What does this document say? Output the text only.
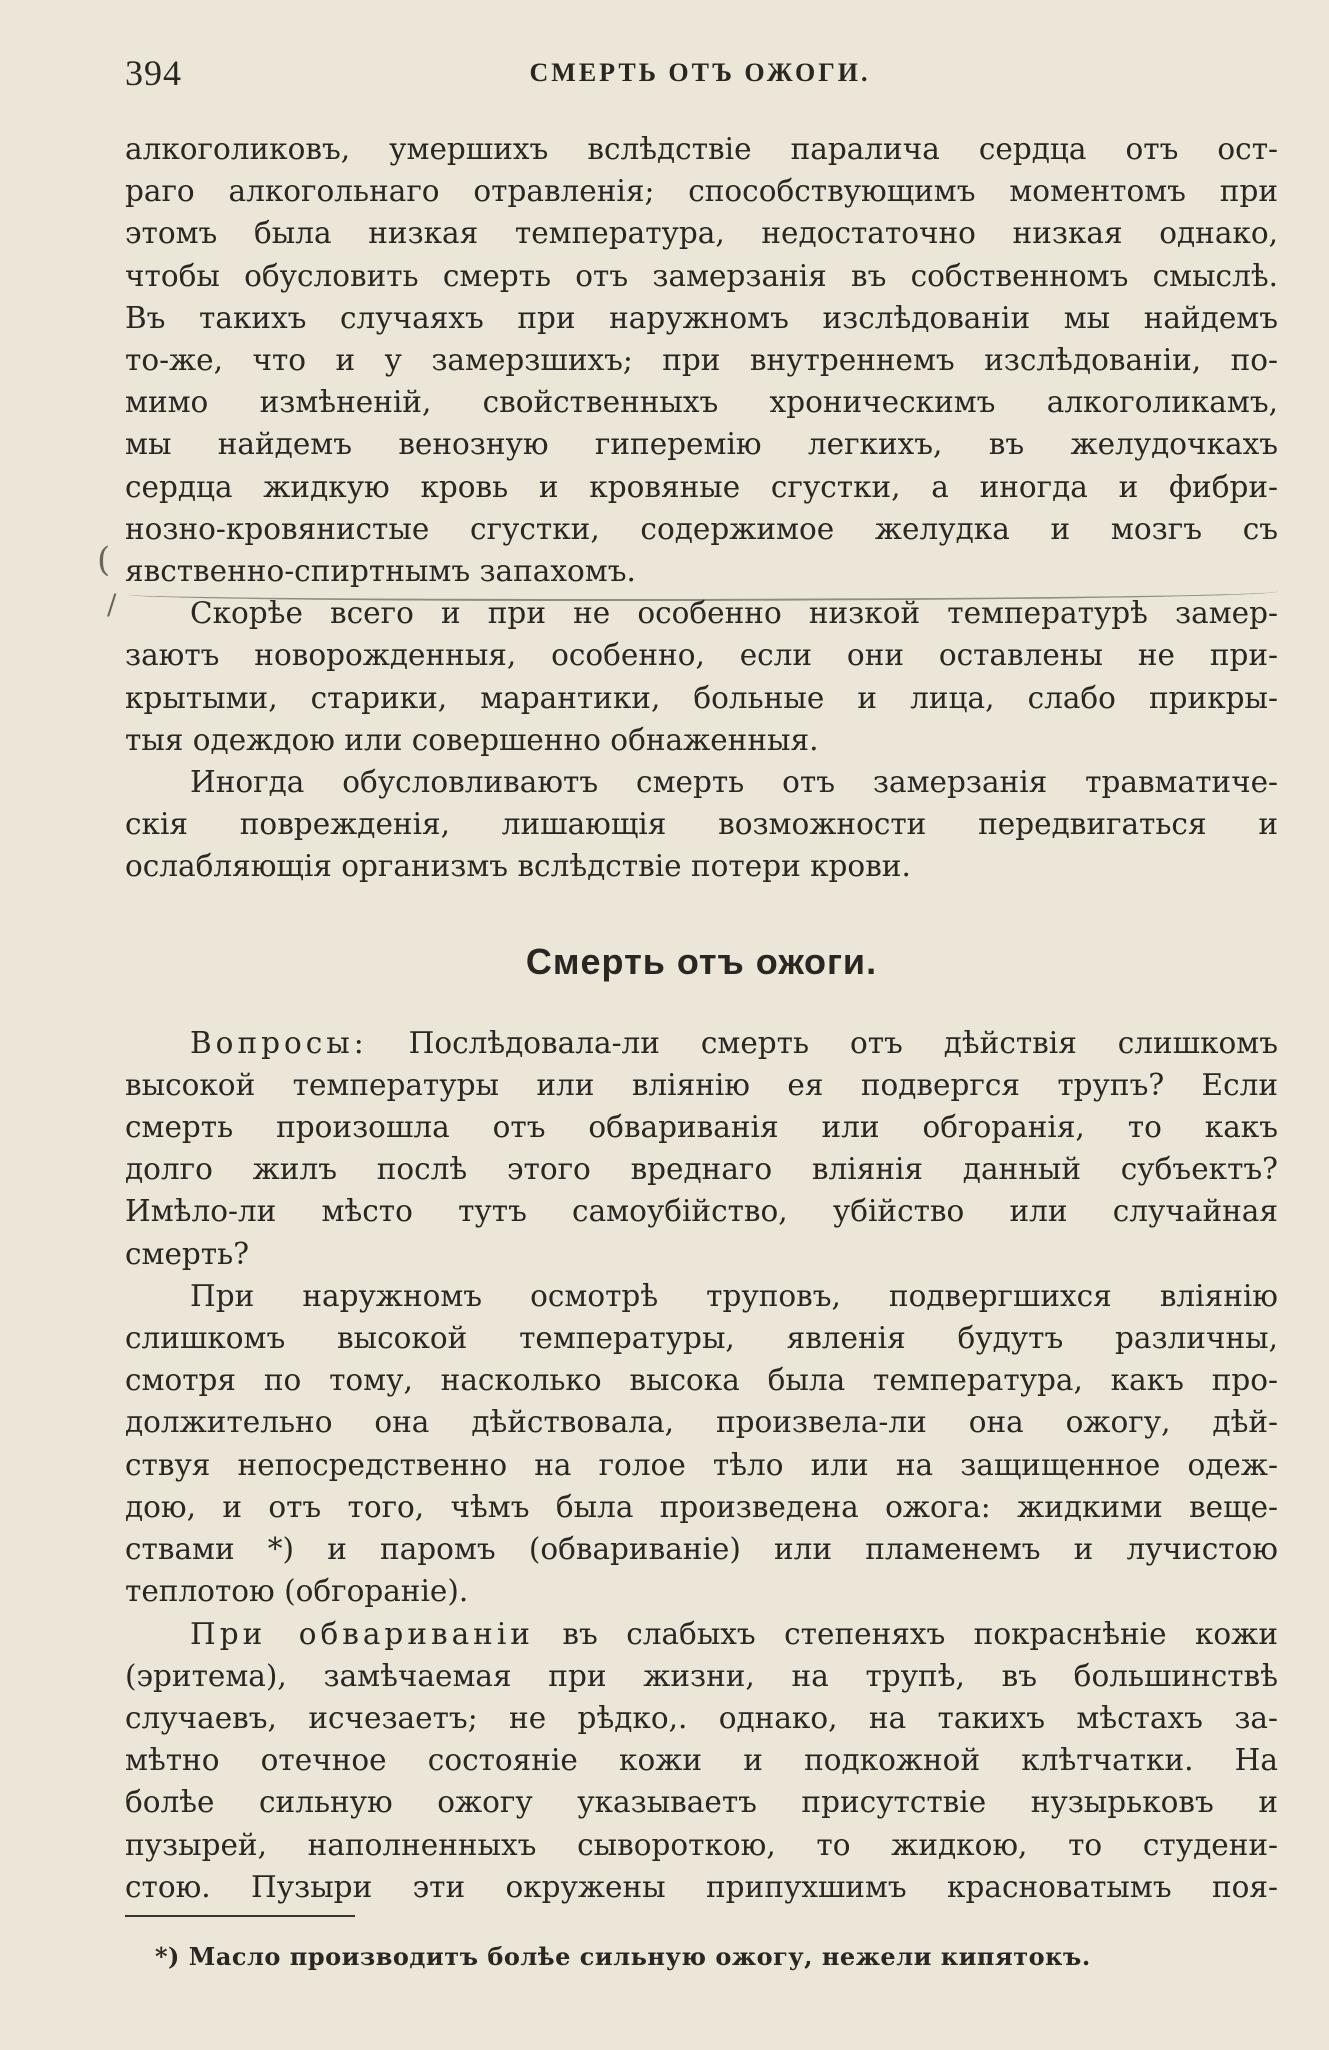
394	СМЕРТЬ ОТЪ ОЖОГИ.
(
/

алкоголиковъ, умершихъ вслѣдствіе паралича сердца отъ ост-

раго алкогольнаго отравленія; способствующимъ моментомъ при

этомъ была низкая температура, недостаточно низкая однако,

чтобы обусловить смерть отъ замерзанія въ собственномъ смыслѣ.

Въ такихъ случаяхъ при наружномъ изслѣдованіи мы найдемъ

то-же, что и у замерзшихъ; при внутреннемъ изслѣдованіи, по-

мимо измѣненій, свойственныхъ хроническимъ алкоголикамъ,

мы найдемъ венозную гиперемію легкихъ, въ желудочкахъ

сердца жидкую кровь и кровяные сгустки, а иногда и фибри-

нозно-кровянистые сгустки, содержимое желудка и мозгъ съ

явственно-спиртнымъ запахомъ.

Скорѣе всего и при не особенно низкой температурѣ замер-

заютъ новорожденныя, особенно, если они оставлены не при-

крытыми, старики, марантики, больные и лица, слабо прикры-

тыя одеждою или совершенно обнаженныя.

Иногда обусловливаютъ смерть отъ замерзанія травматиче-

скія поврежденія, лишающія возможности передвигаться и

ослабляющія организмъ вслѣдствіе потери крови.

Смерть отъ ожоги.

Вопросы: Послѣдовала-ли смерть отъ дѣйствія слишкомъ

высокой температуры или вліянію ея подвергся трупъ? Если

смерть произошла отъ обвариванія или обгоранія, то какъ

долго жилъ послѣ этого вреднаго вліянія данный субъектъ?

Имѣло-ли мѣсто тутъ самоубійство, убійство или случайная

смерть?

При наружномъ осмотрѣ труповъ, подвергшихся вліянію

слишкомъ высокой температуры, явленія будутъ различны,

смотря по тому, насколько высока была температура, какъ про-

должительно она дѣйствовала, произвела-ли она ожогу, дѣй-

ствуя непосредственно на голое тѣло или на защищенное одеж-

дою, и отъ того, чѣмъ была произведена ожога: жидкими веще-

ствами *) и паромъ (обвариваніе) или пламенемъ и лучистою

теплотою (обгораніе).

При обвариваніи въ слабыхъ степеняхъ покраснѣніе кожи

(эритема), замѣчаемая при жизни, на трупѣ, въ большинствѣ

случаевъ, исчезаетъ; не рѣдко,. однако, на такихъ мѣстахъ за-

мѣтно отечное состояніе кожи и подкожной клѣтчатки. На

болѣе сильную ожогу указываетъ присутствіе нузырьковъ и

пузырей, наполненныхъ сывороткою, то жидкою, то студени-

стою. Пузыри эти окружены припухшимъ красноватымъ поя-

*) Масло производитъ болѣе сильную ожогу, нежели кипятокъ.
